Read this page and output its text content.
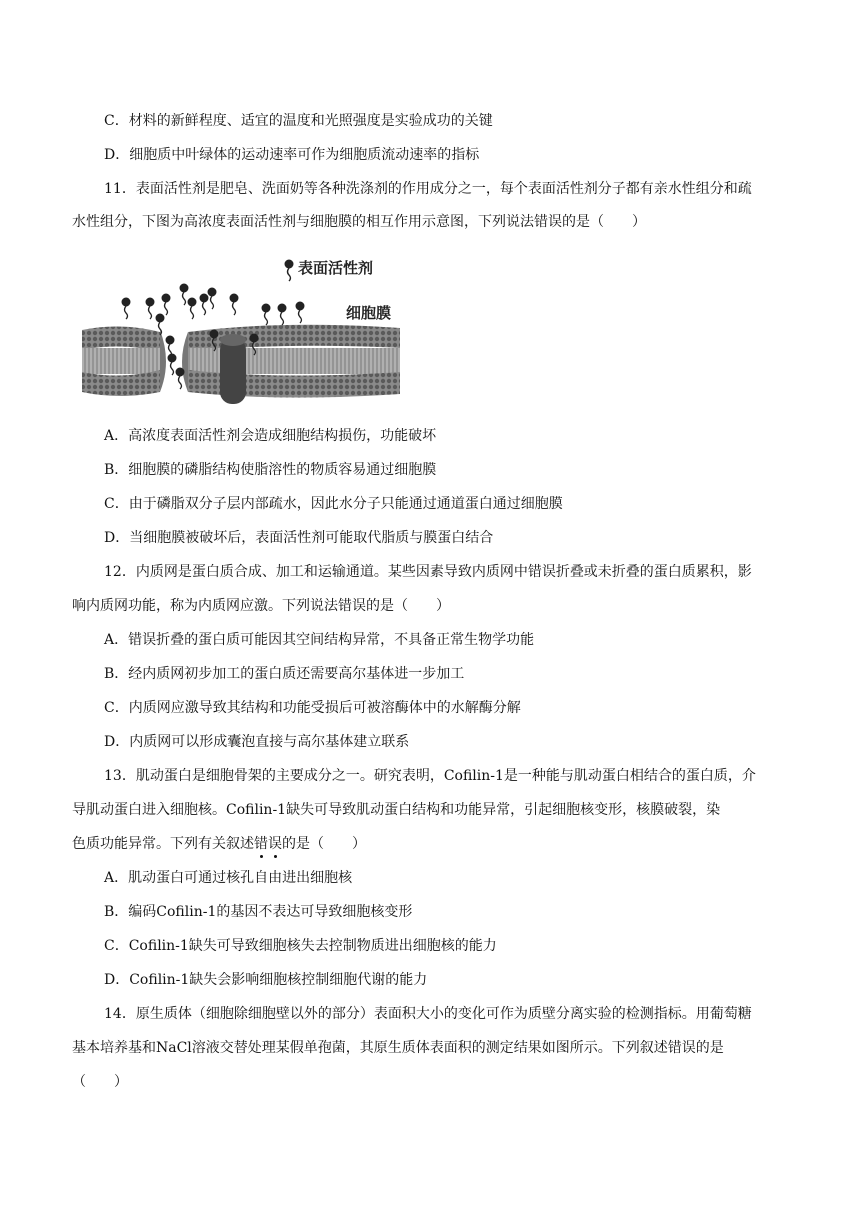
C．材料的新鲜程度、适宜的温度和光照强度是实验成功的关键
D．细胞质中叶绿体的运动速率可作为细胞质流动速率的指标
11．表面活性剂是肥皂、洗面奶等各种洗涤剂的作用成分之一，每个表面活性剂分子都有亲水性组分和疏
水性组分，下图为高浓度表面活性剂与细胞膜的相互作用示意图，下列说法错误的是（　　）
表面活性剂
细胞膜
A．高浓度表面活性剂会造成细胞结构损伤，功能破坏
B．细胞膜的磷脂结构使脂溶性的物质容易通过细胞膜
C．由于磷脂双分子层内部疏水，因此水分子只能通过通道蛋白通过细胞膜
D．当细胞膜被破坏后，表面活性剂可能取代脂质与膜蛋白结合
12．内质网是蛋白质合成、加工和运输通道。某些因素导致内质网中错误折叠或未折叠的蛋白质累积，影
响内质网功能，称为内质网应激。下列说法错误的是（　　）
A．错误折叠的蛋白质可能因其空间结构异常，不具备正常生物学功能
B．经内质网初步加工的蛋白质还需要高尔基体进一步加工
C．内质网应激导致其结构和功能受损后可被溶酶体中的水解酶分解
D．内质网可以形成囊泡直接与高尔基体建立联系
13．肌动蛋白是细胞骨架的主要成分之一。研究表明，Cofilin-1是一种能与肌动蛋白相结合的蛋白质，介
导肌动蛋白进入细胞核。Cofilin-1缺失可导致肌动蛋白结构和功能异常，引起细胞核变形，核膜破裂，染
色质功能异常。下列有关叙述错误的是（　　）
A．肌动蛋白可通过核孔自由进出细胞核
B．编码Cofilin-1的基因不表达可导致细胞核变形
C．Cofilin-1缺失可导致细胞核失去控制物质进出细胞核的能力
D．Cofilin-1缺失会影响细胞核控制细胞代谢的能力
14．原生质体（细胞除细胞壁以外的部分）表面积大小的变化可作为质壁分离实验的检测指标。用葡萄糖
基本培养基和NaCl溶液交替处理某假单孢菌，其原生质体表面积的测定结果如图所示。下列叙述错误的是
（　　）
